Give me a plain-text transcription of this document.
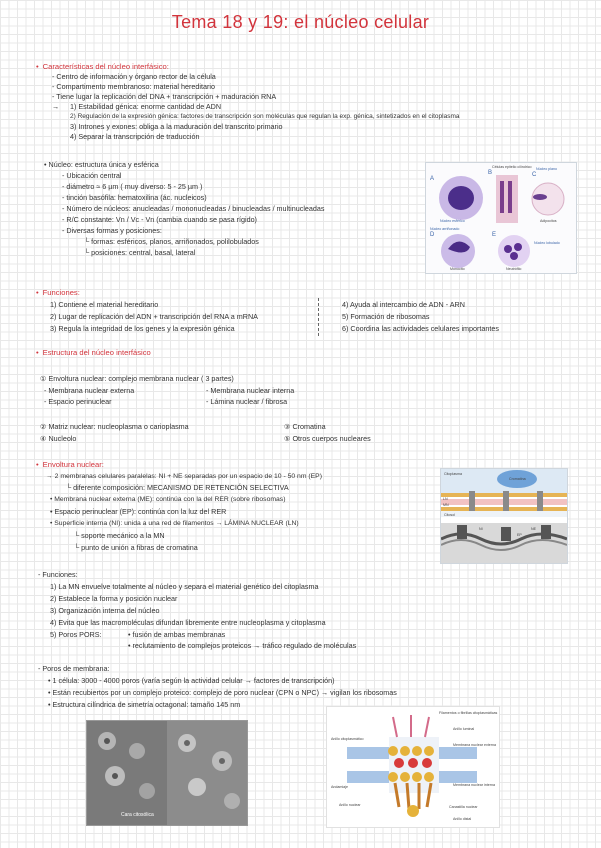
Tema 18 y 19: el núcleo celular
• Características del núcleo interfásico:
- Centro de información y órgano rector de la célula
- Compartimento membranoso: material hereditario
- Tiene lugar la replicación del DNA + transcripción + maduración RNA
→ 1) Estabilidad génica: enorme cantidad de ADN
2) Regulación de la expresión génica: factores de transcripción son moléculas que regulan la exp. génica, sintetizados en el citoplasma
3) Intrones y exones: obliga a la maduración del transcrito primario
4) Separar la transcripción de traducción
• Núcleo: estructura única y esférica
- Ubicación central
- diámetro ≈ 6 µm ( muy diverso: 5 - 25 µm )
- tinción basófila: hematoxilina (ác. nucleicos)
- Número de núcleos: anucleadas / mononucleadas / binucleadas / multinucleadas
- R/C constante: Vn / Vc - Vn (cambia cuando se pasa rígido)
- Diversas formas y posiciones:
└ formas: esféricos, planos, arriñonados, polilobulados
└ posiciones: central, basal, lateral
A
B	C
D	E
Células epitelio cilíndrico Núcleo plano
Adipocitos
Núcleo lobulado
Núcleo arriñonado
Monocito	Neutrófilo
Núcleo esférico
• Funciones:
1) Contiene el material hereditario
2) Lugar de replicación del ADN + transcripción del RNA a mRNA
3) Regula la integridad de los genes y la expresión génica
4) Ayuda al intercambio de ADN - ARN
5) Formación de ribosomas
6) Coordina las actividades celulares importantes
• Estructura del núcleo interfásico
① Envoltura nuclear: complejo membrana nuclear ( 3 partes)
- Membrana nuclear externa
- Espacio perinuclear
- Membrana nuclear interna
- Lámina nuclear / fibrosa
② Matriz nuclear: nucleoplasma o carioplasma	③ Cromatina
④ Nucleolo	⑤ Otros cuerpos nucleares
• Envoltura nuclear:
→ 2 membranas celulares paralelas: NI + NE separadas por un espacio de 10 - 50 nm (EP)
└ diferente composición: MECANISMO DE RETENCIÓN SELECTIVA
• Membrana nuclear externa (ME): continúa con la del RER (sobre ribosomas)
• Espacio perinuclear (EP): continúa con la luz del RER
• Superficie interna (NI): unida a una red de filamentos → LÁMINA NUCLEAR (LN)
└ soporte mecánico a la MN
└ punto de unión a fibras de cromatina
Citoplasma
Cromatina
LN
MN
NI
EP
NE
Citosol
- Funciones:
1) La MN envuelve totalmente al núcleo y separa el material genético del citoplasma
2) Establece la forma y posición nuclear
3) Organización interna del núcleo
4) Evita que las macromoléculas difundan libremente entre nucleoplasma y citoplasma
5) Poros PORS:	• fusión de ambas membranas
• reclutamiento de complejos proteicos → tráfico regulado de moléculas
- Poros de membrana:
• 1 célula: 3000 - 4000 poros (varía según la actividad celular → factores de transcripción)
• Están recubiertos por un complejo proteico: complejo de poro nuclear (CPN o NPC) → vigilan los ribosomas
• Estructura cilíndrica de simetría octagonal: tamaño 145 nm
Cara citosólica
Filamentos o fibrillas citoplasmáticas
Anillo luminal
Anillo citoplasmático
Membrana nuclear externa
Andamiaje	Membrana nuclear interna
Anillo nuclear	Canastilla nuclear
Anillo distal
